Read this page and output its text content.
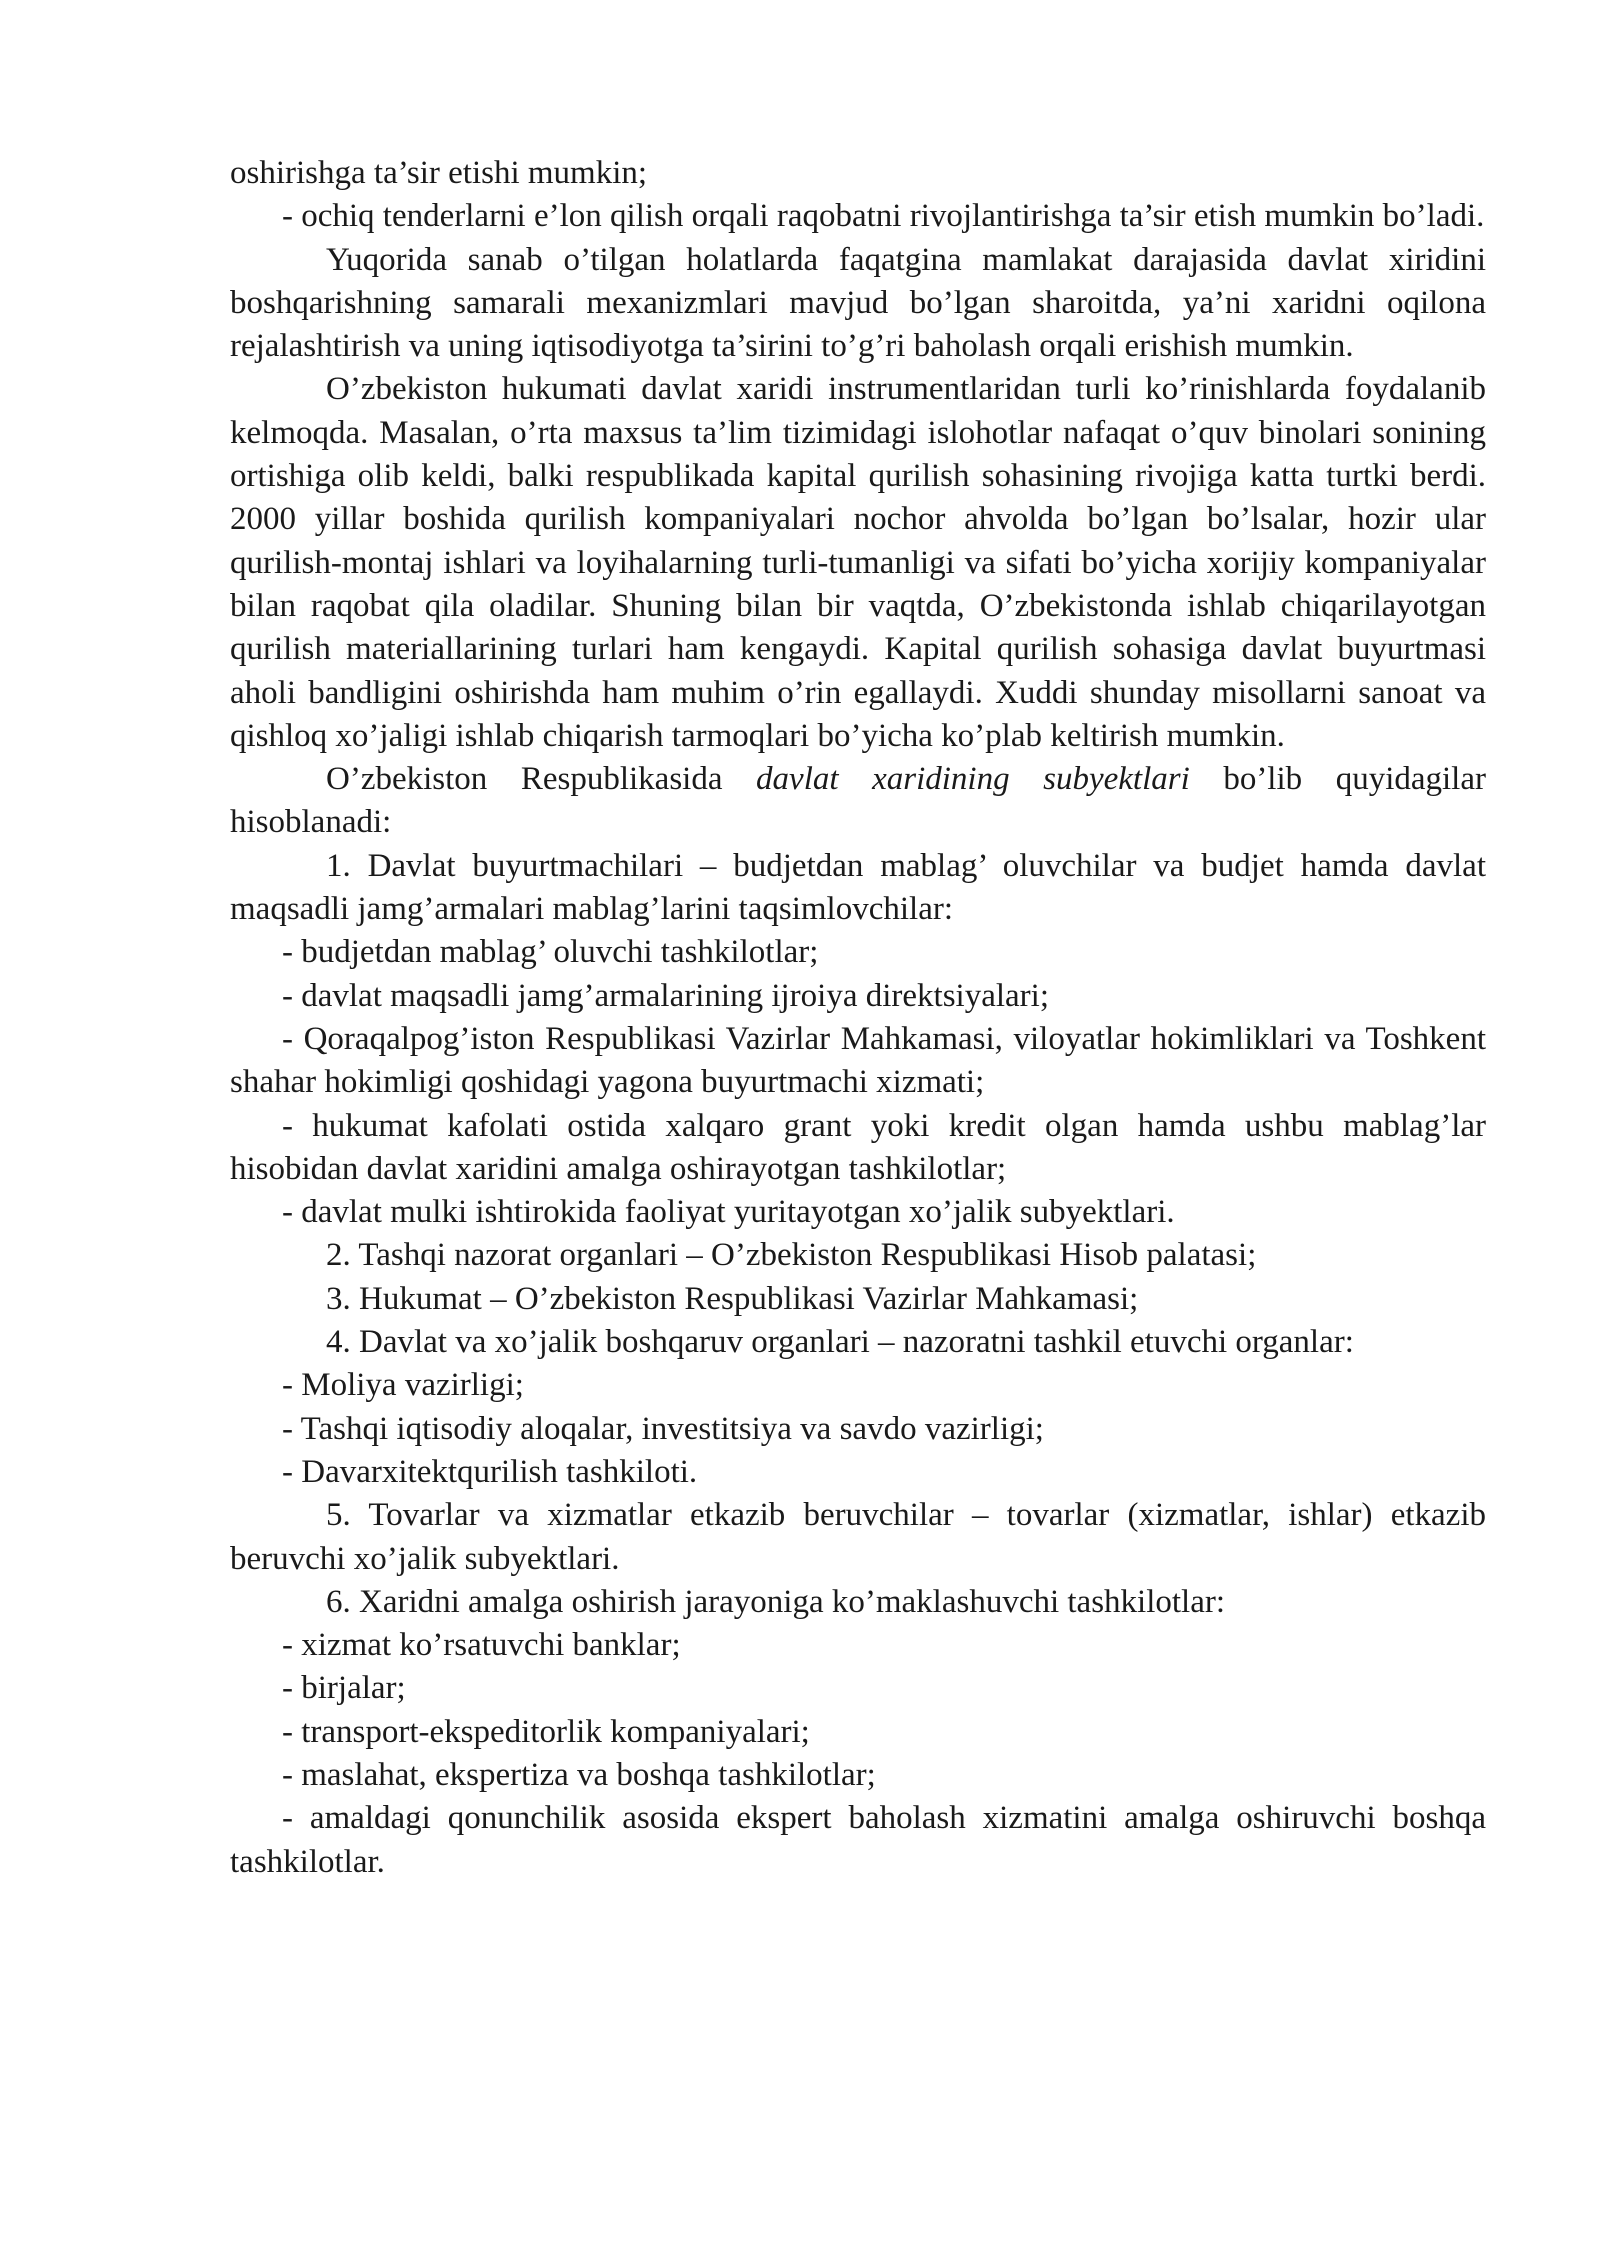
oshirishga ta’sir etishi mumkin;

- ochiq tenderlarni e’lon qilish orqali raqobatni rivojlantirishga ta’sir etish mumkin bo’ladi.

Yuqorida sanab o’tilgan holatlarda faqatgina mamlakat darajasida davlat xiridini boshqarishning samarali mexanizmlari mavjud bo’lgan sharoitda, ya’ni xaridni oqilona rejalashtirish va uning iqtisodiyotga ta’sirini to’g’ri baholash orqali erishish mumkin.

O’zbekiston hukumati davlat xaridi instrumentlaridan turli ko’rinishlarda foydalanib kelmoqda. Masalan, o’rta maxsus ta’lim tizimidagi islohotlar nafaqat o’quv binolari sonining ortishiga olib keldi, balki respublikada kapital qurilish sohasining rivojiga katta turtki berdi. 2000 yillar boshida qurilish kompaniyalari nochor ahvolda bo’lgan bo’lsalar, hozir ular qurilish-montaj ishlari va loyihalarning turli-tumanligi va sifati bo’yicha xorijiy kompaniyalar bilan raqobat qila oladilar. Shuning bilan bir vaqtda, O’zbekistonda ishlab chiqarilayotgan qurilish materiallarining turlari ham kengaydi. Kapital qurilish sohasiga davlat buyurtmasi aholi bandligini oshirishda ham muhim o’rin egallaydi. Xuddi shunday misollarni sanoat va qishloq xo’jaligi ishlab chiqarish tarmoqlari bo’yicha ko’plab keltirish mumkin.

O’zbekiston Respublikasida davlat xaridining subyektlari bo’lib quyidagilar hisoblanadi:

1. Davlat buyurtmachilari – budjetdan mablag’ oluvchilar va budjet hamda davlat maqsadli jamg’armalari mablag’larini taqsimlovchilar:

- budjetdan mablag’ oluvchi tashkilotlar;

- davlat maqsadli jamg’armalarining ijroiya direktsiyalari;

- Qoraqalpog’iston Respublikasi Vazirlar Mahkamasi, viloyatlar hokimliklari va Toshkent shahar hokimligi qoshidagi yagona buyurtmachi xizmati;

- hukumat kafolati ostida xalqaro grant yoki kredit olgan hamda ushbu mablag’lar hisobidan davlat xaridini amalga oshirayotgan tashkilotlar;

- davlat mulki ishtirokida faoliyat yuritayotgan xo’jalik subyektlari.

2. Tashqi nazorat organlari – O’zbekiston Respublikasi Hisob palatasi;

3. Hukumat – O’zbekiston Respublikasi Vazirlar Mahkamasi;

4. Davlat va xo’jalik boshqaruv organlari – nazoratni tashkil etuvchi organlar:

- Moliya vazirligi;

- Tashqi iqtisodiy aloqalar, investitsiya va savdo vazirligi;

- Davarxitektqurilish tashkiloti.

5. Tovarlar va xizmatlar etkazib beruvchilar – tovarlar (xizmatlar, ishlar) etkazib beruvchi xo’jalik subyektlari.

6. Xaridni amalga oshirish jarayoniga ko’maklashuvchi tashkilotlar:

- xizmat ko’rsatuvchi banklar;

- birjalar;

- transport-ekspeditorlik kompaniyalari;

- maslahat, ekspertiza va boshqa tashkilotlar;

- amaldagi qonunchilik asosida ekspert baholash xizmatini amalga oshiruvchi boshqa tashkilotlar.
